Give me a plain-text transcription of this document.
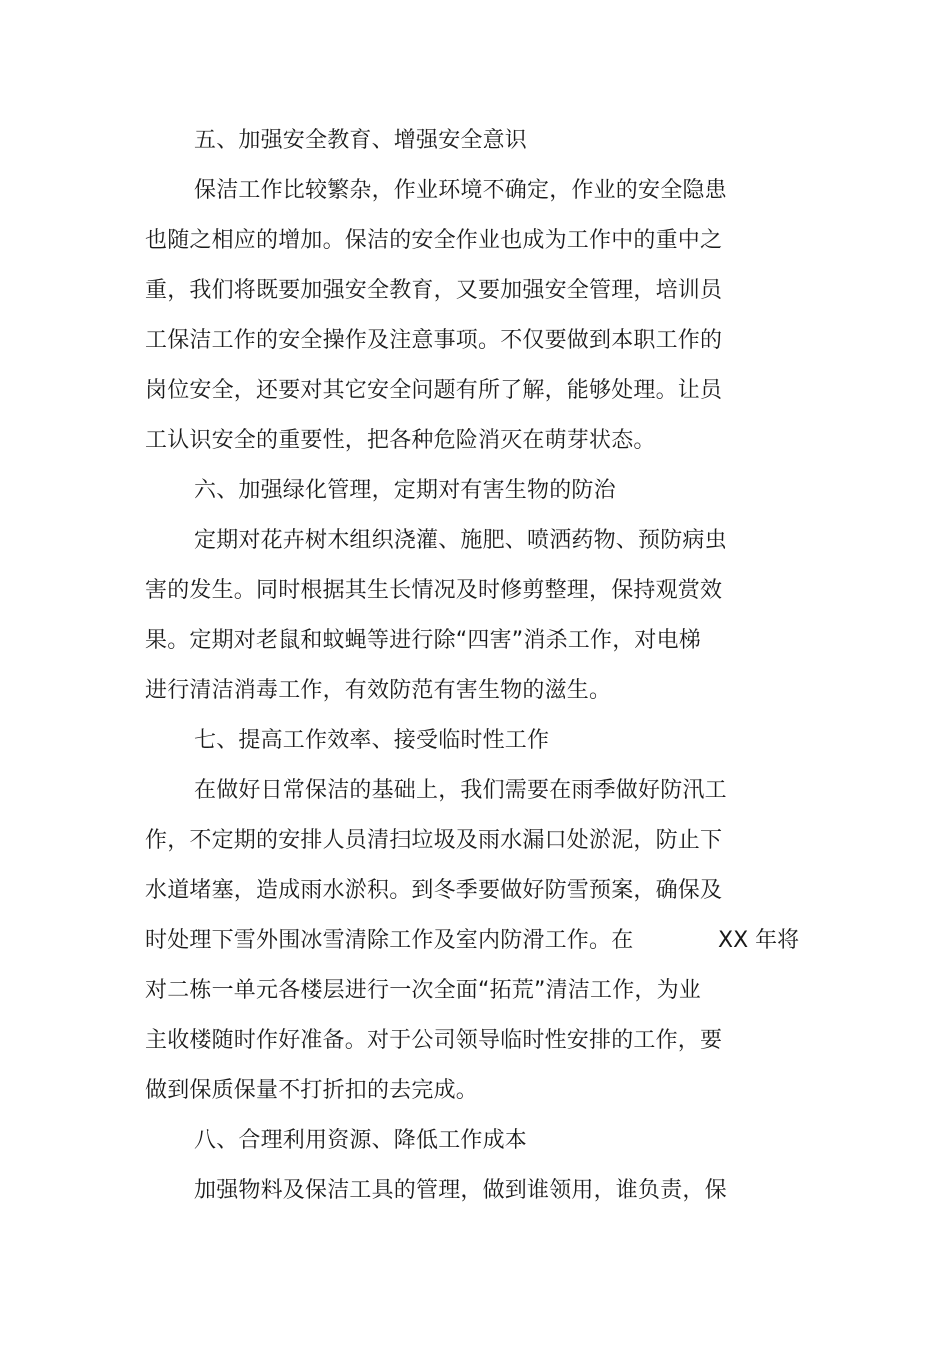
五、加强安全教育、增强安全意识
保洁工作比较繁杂，作业环境不确定，作业的安全隐患
也随之相应的增加。保洁的安全作业也成为工作中的重中之
重，我们将既要加强安全教育，又要加强安全管理，培训员
工保洁工作的安全操作及注意事项。不仅要做到本职工作的
岗位安全，还要对其它安全问题有所了解，能够处理。让员
工认识安全的重要性，把各种危险消灭在萌芽状态。
六、加强绿化管理，定期对有害生物的防治
定期对花卉树木组织浇灌、施肥、喷洒药物、预防病虫
害的发生。同时根据其生长情况及时修剪整理，保持观赏效
果。定期对老鼠和蚊蝇等进行除“四害”消杀工作，对电梯
进行清洁消毒工作，有效防范有害生物的滋生。
七、提高工作效率、接受临时性工作
在做好日常保洁的基础上，我们需要在雨季做好防汛工
作，不定期的安排人员清扫垃圾及雨水漏口处淤泥，防止下
水道堵塞，造成雨水淤积。到冬季要做好防雪预案，确保及
时处理下雪外围冰雪清除工作及室内防滑工作。在	XX 年将
对二栋一单元各楼层进行一次全面“拓荒”清洁工作，为业
主收楼随时作好准备。对于公司领导临时性安排的工作，要
做到保质保量不打折扣的去完成。
八、合理利用资源、降低工作成本
加强物料及保洁工具的管理，做到谁领用，谁负责，保
